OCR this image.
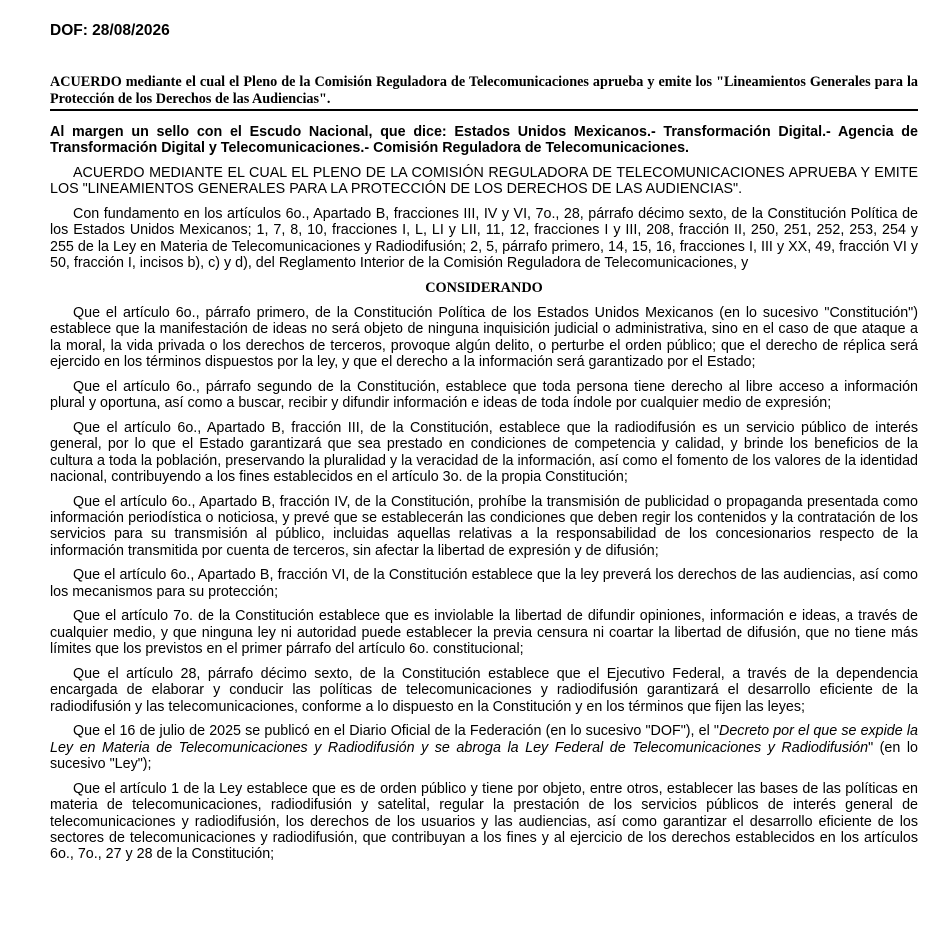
DOF: 28/08/2026

ACUERDO mediante el cual el Pleno de la Comisión Reguladora de Telecomunicaciones aprueba y emite los "Lineamientos Generales para la Protección de los Derechos de las Audiencias".

Al margen un sello con el Escudo Nacional, que dice: Estados Unidos Mexicanos.- Transformación Digital.- Agencia de Transformación Digital y Telecomunicaciones.- Comisión Reguladora de Telecomunicaciones.

ACUERDO MEDIANTE EL CUAL EL PLENO DE LA COMISIÓN REGULADORA DE TELECOMUNICACIONES APRUEBA Y EMITE LOS "LINEAMIENTOS GENERALES PARA LA PROTECCIÓN DE LOS DERECHOS DE LAS AUDIENCIAS".

Con fundamento en los artículos 6o., Apartado B, fracciones III, IV y VI, 7o., 28, párrafo décimo sexto, de la Constitución Política de los Estados Unidos Mexicanos; 1, 7, 8, 10, fracciones I, L, LI y LII, 11, 12, fracciones I y III, 208, fracción II, 250, 251, 252, 253, 254 y 255 de la Ley en Materia de Telecomunicaciones y Radiodifusión; 2, 5, párrafo primero, 14, 15, 16, fracciones I, III y XX, 49, fracción VI y 50, fracción I, incisos b), c) y d), del Reglamento Interior de la Comisión Reguladora de Telecomunicaciones, y

CONSIDERANDO

Que el artículo 6o., párrafo primero, de la Constitución Política de los Estados Unidos Mexicanos (en lo sucesivo "Constitución") establece que la manifestación de ideas no será objeto de ninguna inquisición judicial o administrativa, sino en el caso de que ataque a la moral, la vida privada o los derechos de terceros, provoque algún delito, o perturbe el orden público; que el derecho de réplica será ejercido en los términos dispuestos por la ley, y que el derecho a la información será garantizado por el Estado;

Que el artículo 6o., párrafo segundo de la Constitución, establece que toda persona tiene derecho al libre acceso a información plural y oportuna, así como a buscar, recibir y difundir información e ideas de toda índole por cualquier medio de expresión;

Que el artículo 6o., Apartado B, fracción III, de la Constitución, establece que la radiodifusión es un servicio público de interés general, por lo que el Estado garantizará que sea prestado en condiciones de competencia y calidad, y brinde los beneficios de la cultura a toda la población, preservando la pluralidad y la veracidad de la información, así como el fomento de los valores de la identidad nacional, contribuyendo a los fines establecidos en el artículo 3o. de la propia Constitución;

Que el artículo 6o., Apartado B, fracción IV, de la Constitución, prohíbe la transmisión de publicidad o propaganda presentada como información periodística o noticiosa, y prevé que se establecerán las condiciones que deben regir los contenidos y la contratación de los servicios para su transmisión al público, incluidas aquellas relativas a la responsabilidad de los concesionarios respecto de la información transmitida por cuenta de terceros, sin afectar la libertad de expresión y de difusión;

Que el artículo 6o., Apartado B, fracción VI, de la Constitución establece que la ley preverá los derechos de las audiencias, así como los mecanismos para su protección;

Que el artículo 7o. de la Constitución establece que es inviolable la libertad de difundir opiniones, información e ideas, a través de cualquier medio, y que ninguna ley ni autoridad puede establecer la previa censura ni coartar la libertad de difusión, que no tiene más límites que los previstos en el primer párrafo del artículo 6o. constitucional;

Que el artículo 28, párrafo décimo sexto, de la Constitución establece que el Ejecutivo Federal, a través de la dependencia encargada de elaborar y conducir las políticas de telecomunicaciones y radiodifusión garantizará el desarrollo eficiente de la radiodifusión y las telecomunicaciones, conforme a lo dispuesto en la Constitución y en los términos que fijen las leyes;

Que el 16 de julio de 2025 se publicó en el Diario Oficial de la Federación (en lo sucesivo "DOF"), el "Decreto por el que se expide la Ley en Materia de Telecomunicaciones y Radiodifusión y se abroga la Ley Federal de Telecomunicaciones y Radiodifusión" (en lo sucesivo "Ley");

Que el artículo 1 de la Ley establece que es de orden público y tiene por objeto, entre otros, establecer las bases de las políticas en materia de telecomunicaciones, radiodifusión y satelital, regular la prestación de los servicios públicos de interés general de telecomunicaciones y radiodifusión, los derechos de los usuarios y las audiencias, así como garantizar el desarrollo eficiente de los sectores de telecomunicaciones y radiodifusión, que contribuyan a los fines y al ejercicio de los derechos establecidos en los artículos 6o., 7o., 27 y 28 de la Constitución;
